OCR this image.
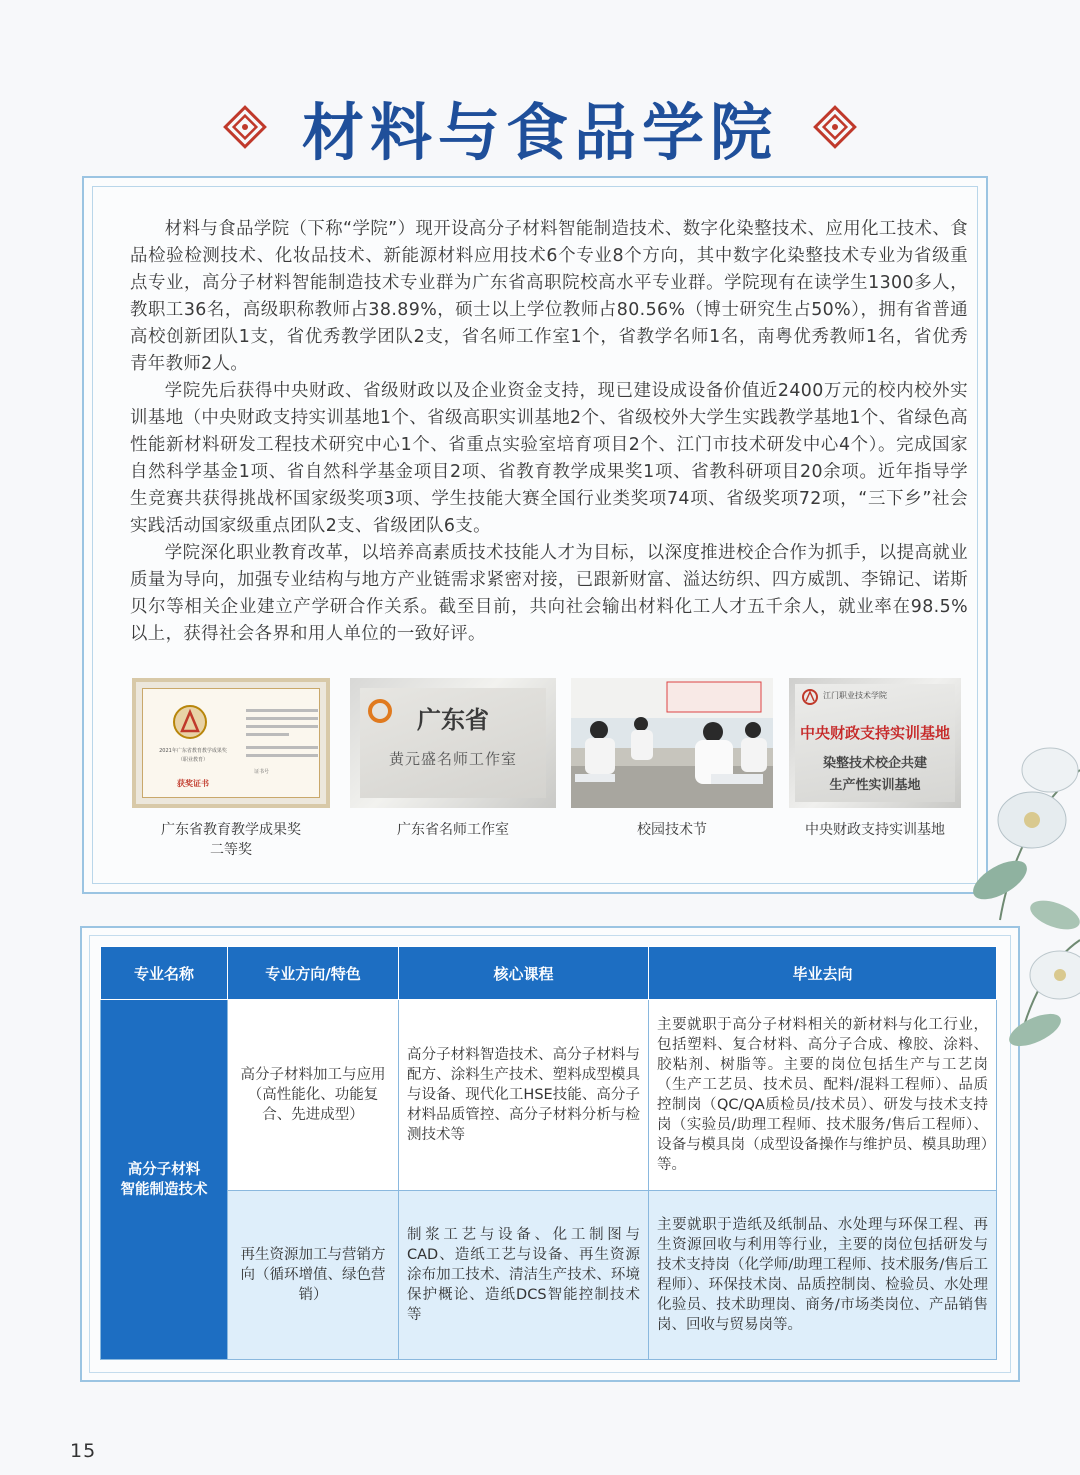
材料与食品学院

材料与食品学院（下称“学院”）现开设高分子材料智能制造技术、数字化染整技术、应用化工技术、食品检验检测技术、化妆品技术、新能源材料应用技术6个专业8个方向，其中数字化染整技术专业为省级重点专业，高分子材料智能制造技术专业群为广东省高职院校高水平专业群。学院现有在读学生1300多人，教职工36名，高级职称教师占38.89%，硕士以上学位教师占80.56%（博士研究生占50%），拥有省普通高校创新团队1支，省优秀教学团队2支，省名师工作室1个，省教学名师1名，南粤优秀教师1名，省优秀青年教师2人。

学院先后获得中央财政、省级财政以及企业资金支持，现已建设成设备价值近2400万元的校内校外实训基地（中央财政支持实训基地1个、省级高职实训基地2个、省级校外大学生实践教学基地1个、省绿色高性能新材料研发工程技术研究中心1个、省重点实验室培育项目2个、江门市技术研发中心4个）。完成国家自然科学基金1项、省自然科学基金项目2项、省教育教学成果奖1项、省教科研项目20余项。近年指导学生竞赛共获得挑战杯国家级奖项3项、学生技能大赛全国行业类奖项74项、省级奖项72项，“三下乡”社会实践活动国家级重点团队2支、省级团队6支。

学院深化职业教育改革，以培养高素质技术技能人才为目标，以深度推进校企合作为抓手，以提高就业质量为导向，加强专业结构与地方产业链需求紧密对接，已跟新财富、溢达纺织、四方威凯、李锦记、诺斯贝尔等相关企业建立产学研合作关系。截至目前，共向社会输出材料化工人才五千余人，就业率在98.5%以上，获得社会各界和用人单位的一致好评。

2021年广东省教育教学成果奖
（职业教育）
获奖证书
证书号
广东省
黄元盛名师工作室
江门职业技术学院
中央财政支持实训基地
染整技术校企共建
生产性实训基地
广东省教育教学成果奖
二等奖
广东省名师工作室	校园技术节	中央财政支持实训基地
专业名称	专业方向/特色	核心课程	毕业去向
高分子材料
智能制造技术	高分子材料加工与应用（高性能化、功能复合、先进成型）	高分子材料智造技术、高分子材料与配方、涂料生产技术、塑料成型模具与设备、现代化工HSE技能、高分子材料品质管控、高分子材料分析与检测技术等	主要就职于高分子材料相关的新材料与化工行业，包括塑料、复合材料、高分子合成、橡胶、涂料、胶粘剂、树脂等。主要的岗位包括生产与工艺岗（生产工艺员、技术员、配料/混料工程师）、品质控制岗（QC/QA质检员/技术员）、研发与技术支持岗（实验员/助理工程师、技术服务/售后工程师）、设备与模具岗（成型设备操作与维护员、模具助理）等。
	再生资源加工与营销方向（循环增值、绿色营销）	制浆工艺与设备、化工制图与CAD、造纸工艺与设备、再生资源涂布加工技术、清洁生产技术、环境保护概论、造纸DCS智能控制技术等	主要就职于造纸及纸制品、水处理与环保工程、再生资源回收与利用等行业，主要的岗位包括研发与技术支持岗（化学师/助理工程师、技术服务/售后工程师）、环保技术岗、品质控制岗、检验员、水处理化验员、技术助理岗、商务/市场类岗位、产品销售岗、回收与贸易岗等。
15
